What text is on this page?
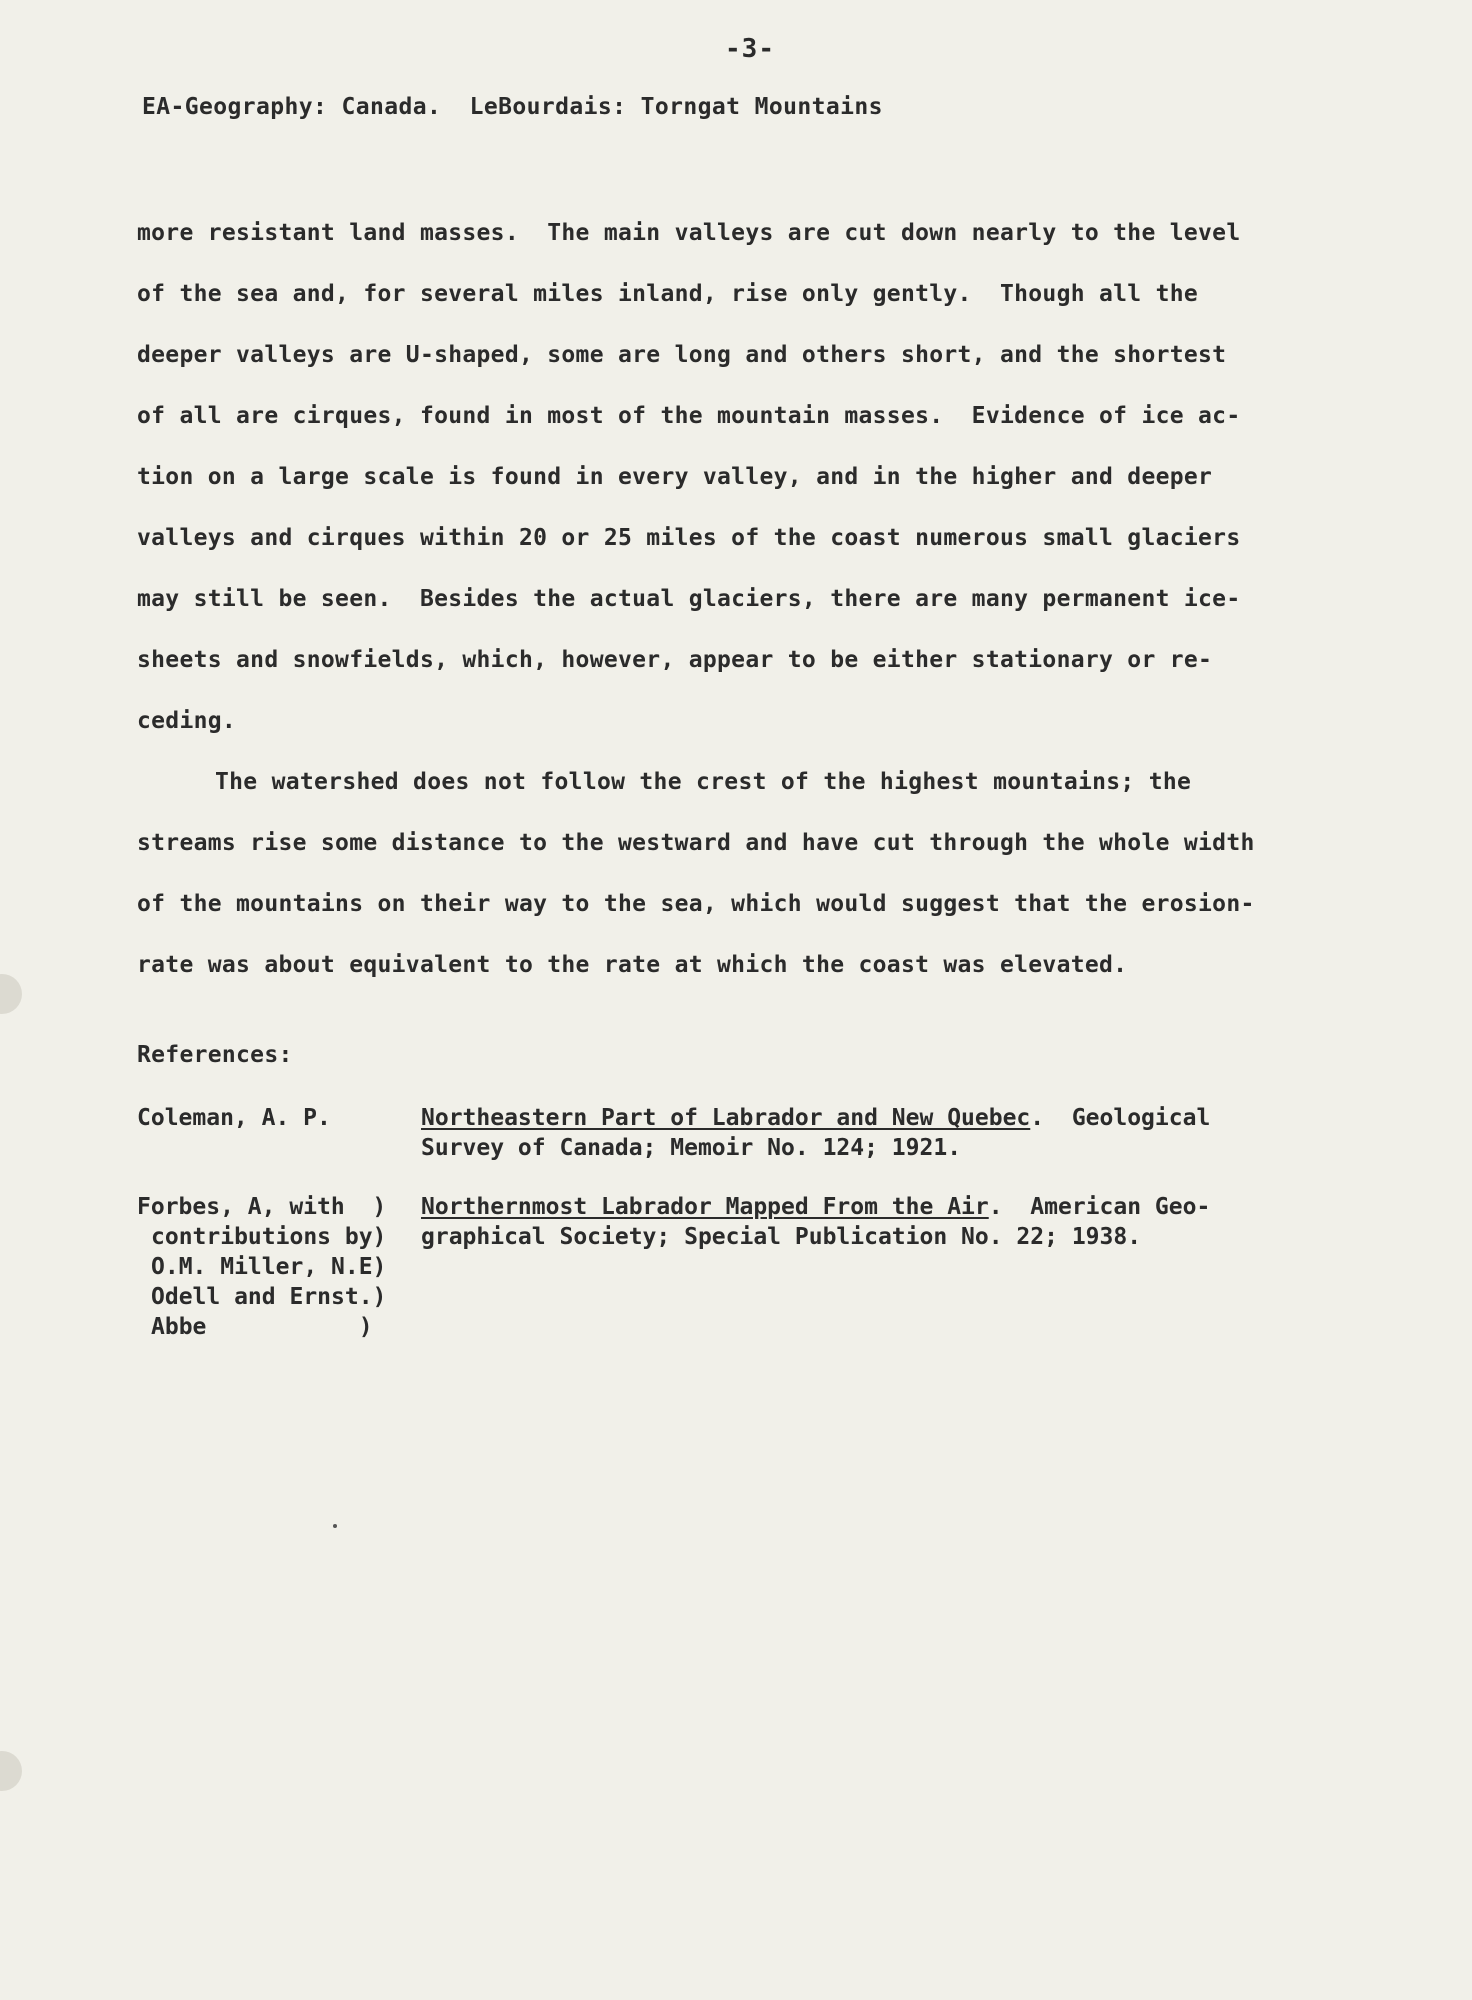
-3-
EA-Geography: Canada.  LeBourdais: Torngat Mountains
more resistant land masses.  The main valleys are cut down nearly to the level
of the sea and, for several miles inland, rise only gently.  Though all the
deeper valleys are U-shaped, some are long and others short, and the shortest
of all are cirques, found in most of the mountain masses.  Evidence of ice ac-
tion on a large scale is found in every valley, and in the higher and deeper
valleys and cirques within 20 or 25 miles of the coast numerous small glaciers
may still be seen.  Besides the actual glaciers, there are many permanent ice-
sheets and snowfields, which, however, appear to be either stationary or re-
ceding.
The watershed does not follow the crest of the highest mountains; the
streams rise some distance to the westward and have cut through the whole width
of the mountains on their way to the sea, which would suggest that the erosion-
rate was about equivalent to the rate at which the coast was elevated.
References:
Coleman, A. P.	Northeastern Part of Labrador and New Quebec.  Geological
Survey of Canada; Memoir No. 124; 1921.
Forbes, A, with  )
contributions by)
O.M. Miller, N.E)
Odell and Ernst.)
Abbe           )
Northernmost Labrador Mapped From the Air.  American Geo-
graphical Society; Special Publication No. 22; 1938.
